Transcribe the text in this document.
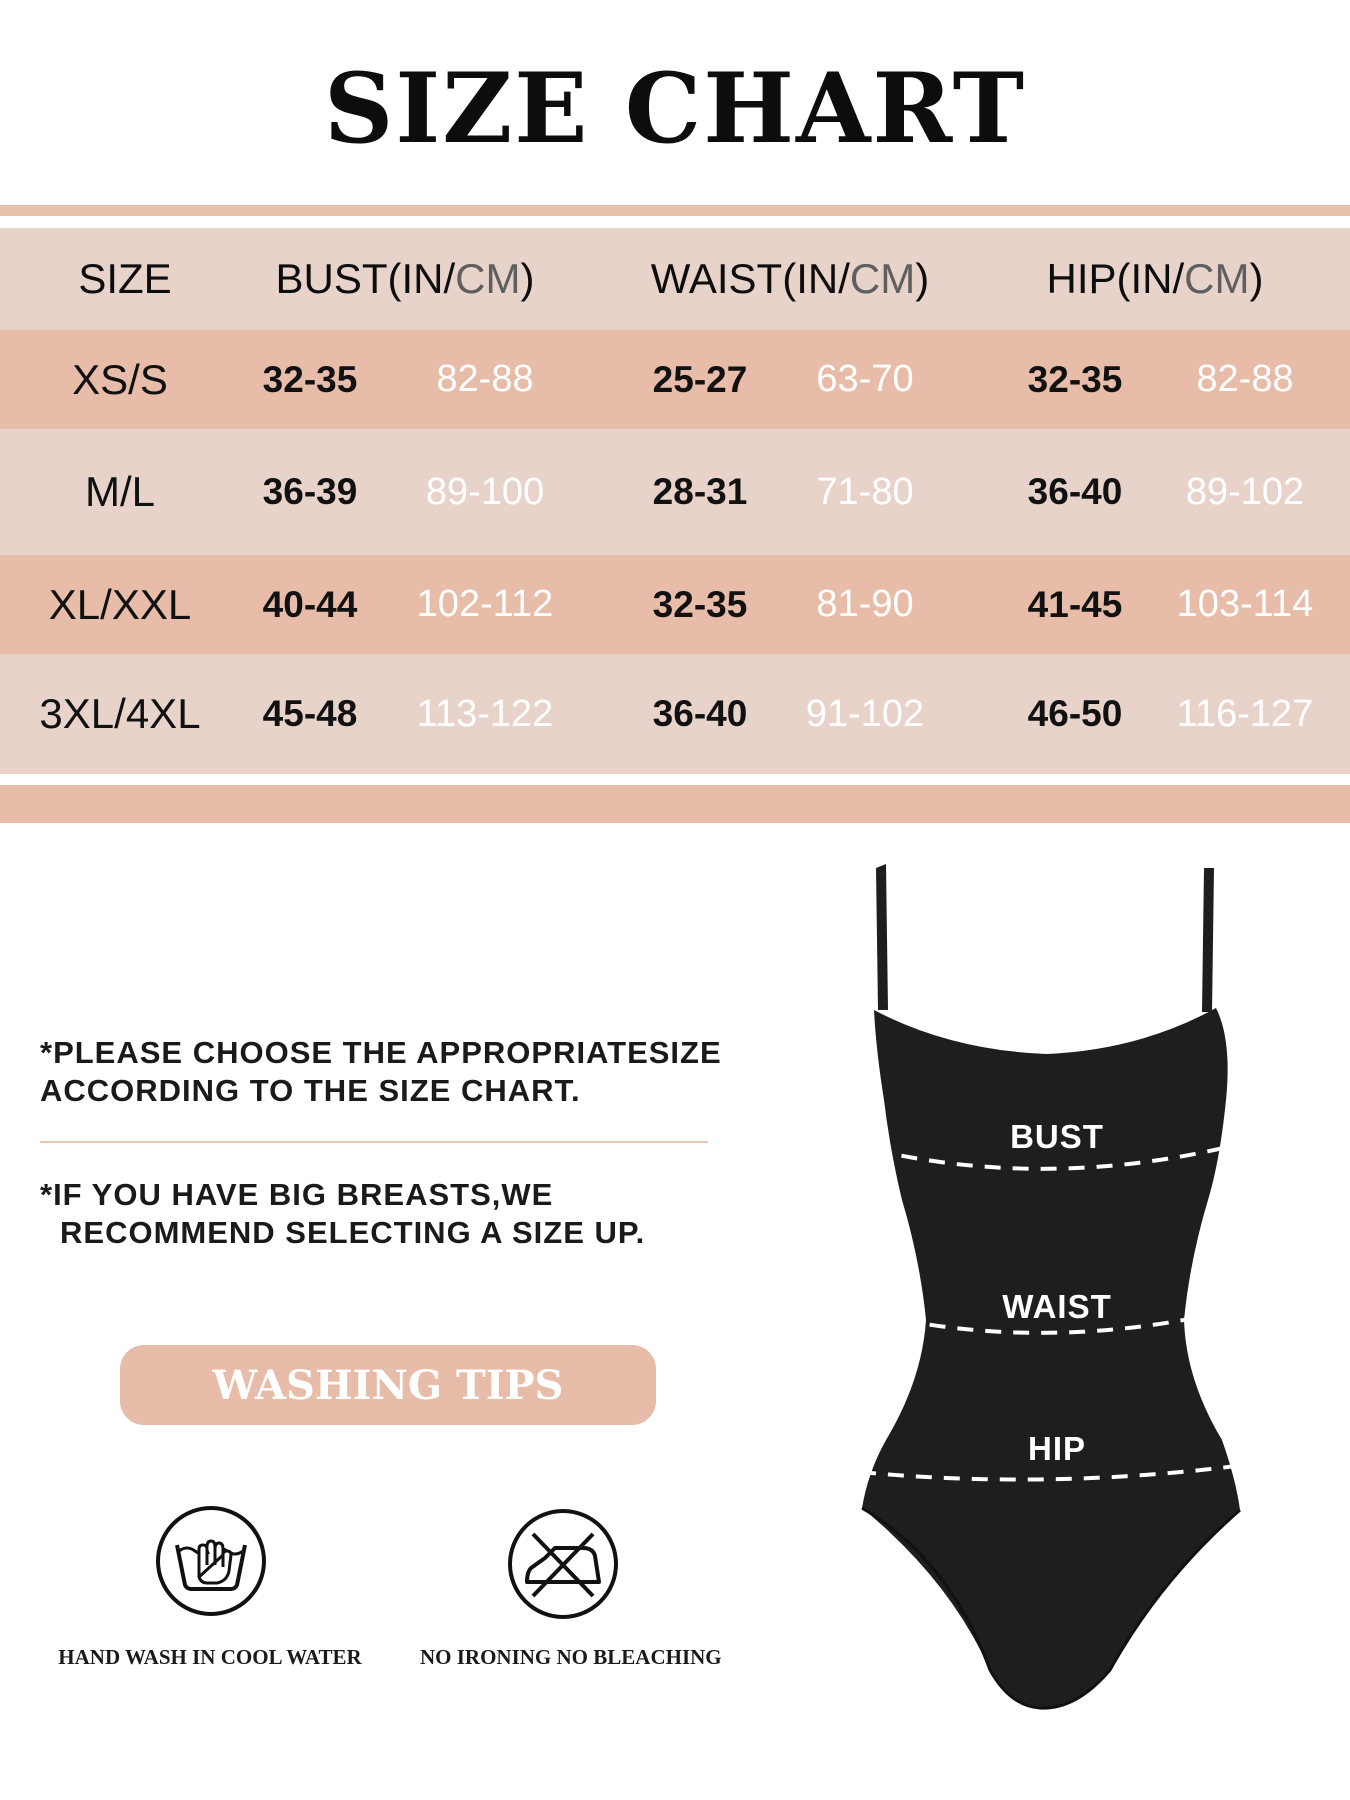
SIZE CHART
SIZE	BUST(IN/ CM )	WAIST(IN/ CM )	HIP(IN/ CM )
XS/S	32-35	82-88	25-27	63-70	32-35	82-88
M/L	36-39	89-100	28-31	71-80	36-40	89-102
XL/XXL	40-44	102-112	32-35	81-90	41-45	103-114
3XL/4XL	45-48	113-122	36-40	91-102	46-50	116-127
*PLEASE CHOOSE THE APPROPRIATESIZE
ACCORDING TO THE SIZE CHART.
*IF YOU HAVE BIG BREASTS,WE
RECOMMEND SELECTING A SIZE UP.
WASHING TIPS
HAND WASH IN COOL WATER	NO IRONING NO BLEACHING
BUST
WAIST
HIP
